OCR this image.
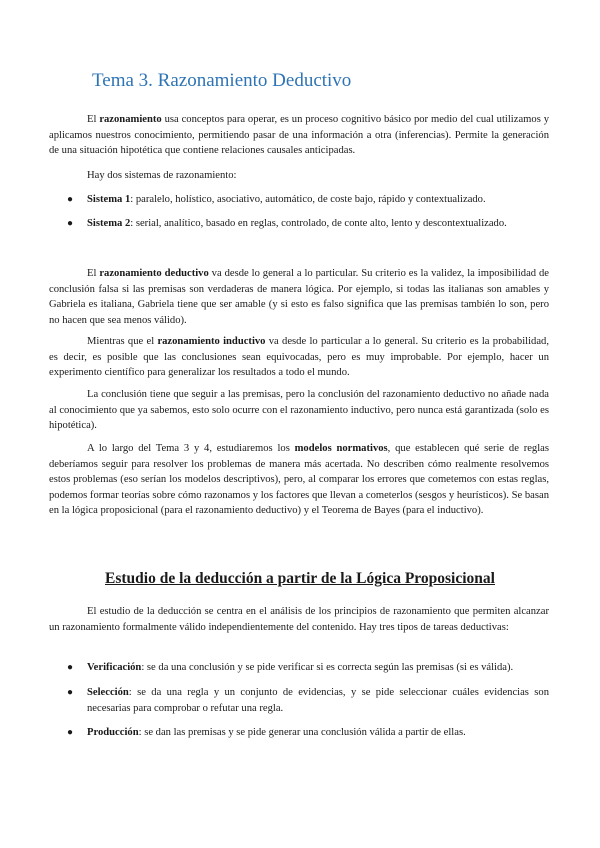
Tema 3. Razonamiento Deductivo

El razonamiento usa conceptos para operar, es un proceso cognitivo básico por medio del cual utilizamos y aplicamos nuestros conocimiento, permitiendo pasar de una información a otra (inferencias). Permite la generación de una situación hipotética que contiene relaciones causales anticipadas.

Hay dos sistemas de razonamiento:

● Sistema 1: paralelo, holístico, asociativo, automático, de coste bajo, rápido y contextualizado.

● Sistema 2: serial, analítico, basado en reglas, controlado, de conte alto, lento y descontextualizado.

El razonamiento deductivo va desde lo general a lo particular. Su criterio es la validez, la imposibilidad de conclusión falsa si las premisas son verdaderas de manera lógica. Por ejemplo, si todas las italianas son amables y Gabriela es italiana, Gabriela tiene que ser amable (y si esto es falso significa que las premisas también lo son, pero no hacen que sea menos válido).

Mientras que el razonamiento inductivo va desde lo particular a lo general. Su criterio es la probabilidad, es decir, es posible que las conclusiones sean equivocadas, pero es muy improbable. Por ejemplo, hacer un experimento científico para generalizar los resultados a todo el mundo.

La conclusión tiene que seguir a las premisas, pero la conclusión del razonamiento deductivo no añade nada al conocimiento que ya sabemos, esto solo ocurre con el razonamiento inductivo, pero nunca está garantizada (solo es hipotética).

A lo largo del Tema 3 y 4, estudiaremos los modelos normativos, que establecen qué serie de reglas deberíamos seguir para resolver los problemas de manera más acertada. No describen cómo realmente resolvemos estos problemas (eso serían los modelos descriptivos), pero, al comparar los errores que cometemos con estas reglas, podemos formar teorías sobre cómo razonamos y los factores que llevan a cometerlos (sesgos y heurísticos). Se basan en la lógica proposicional (para el razonamiento deductivo) y el Teorema de Bayes (para el inductivo).

Estudio de la deducción a partir de la Lógica Proposicional

El estudio de la deducción se centra en el análisis de los principios de razonamiento que permiten alcanzar un razonamiento formalmente válido independientemente del contenido. Hay tres tipos de tareas deductivas:

● Verificación: se da una conclusión y se pide verificar si es correcta según las premisas (si es válida).

● Selección: se da una regla y un conjunto de evidencias, y se pide seleccionar cuáles evidencias son necesarias para comprobar o refutar una regla.

● Producción: se dan las premisas y se pide generar una conclusión válida a partir de ellas.
